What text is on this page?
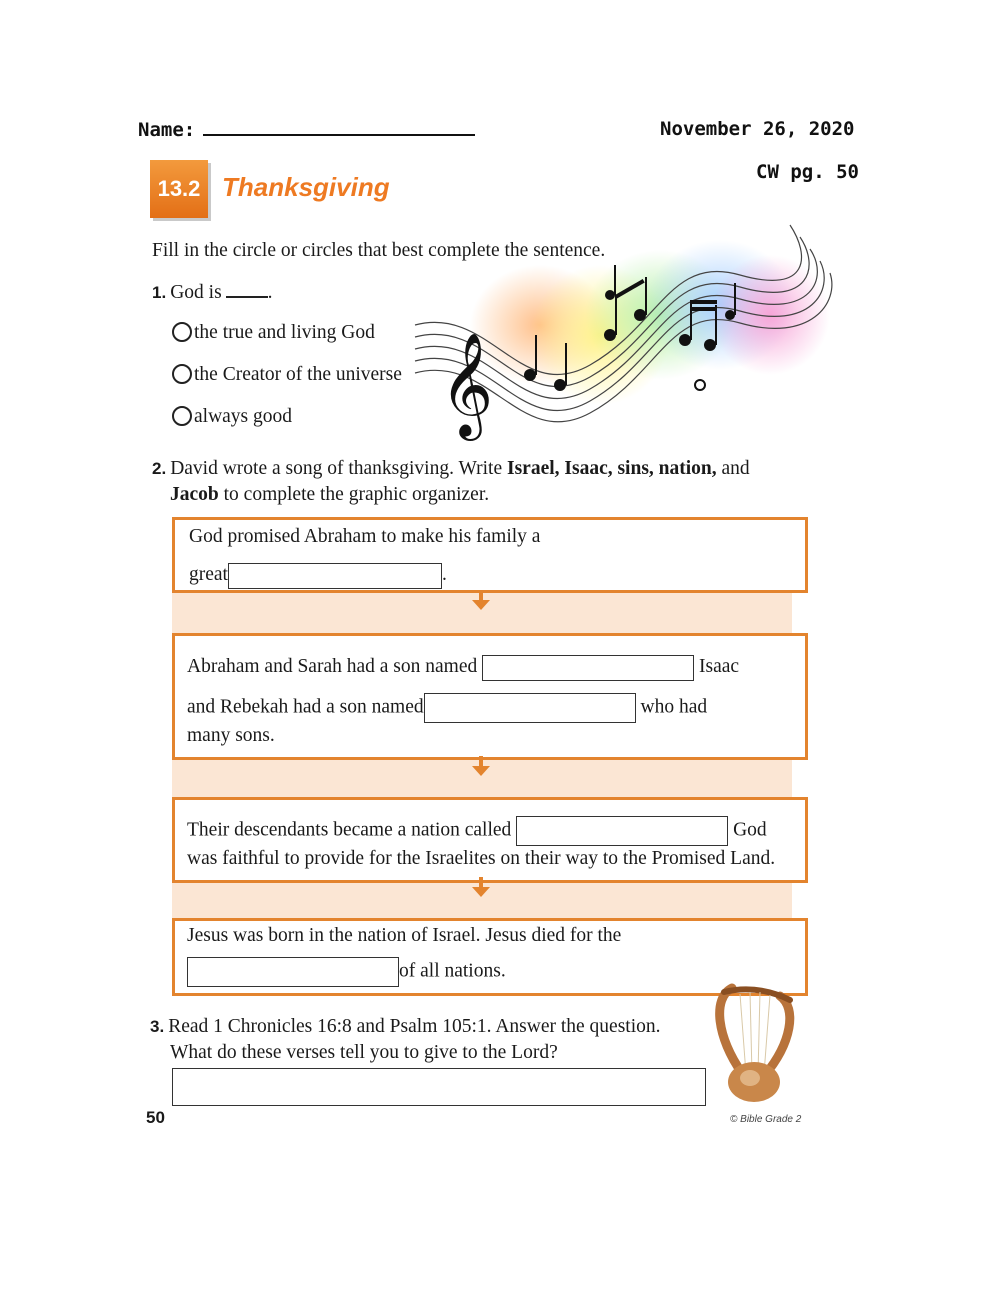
Name:	November 26, 2020
CW pg. 50
13.2 Thanksgiving
Fill in the circle or circles that best complete the sentence.
𝄞
1. God is .
the true and living God
the Creator of the universe
always good
2. David wrote a song of thanksgiving. Write Israel, Isaac, sins, nation, and
Jacob to complete the graphic organizer.
God promised Abraham to make his family a
great	.
Abraham and Sarah had a son named	Isaac
and Rebekah had a son named	who had
many sons.
Their descendants became a nation called	God
was faithful to provide for the Israelites on their way to the Promised Land.
Jesus was born in the nation of Israel. Jesus died for the
of all nations.
3. Read 1 Chronicles 16:8 and Psalm 105:1. Answer the question.
What do these verses tell you to give to the Lord?
50	© Bible Grade 2
